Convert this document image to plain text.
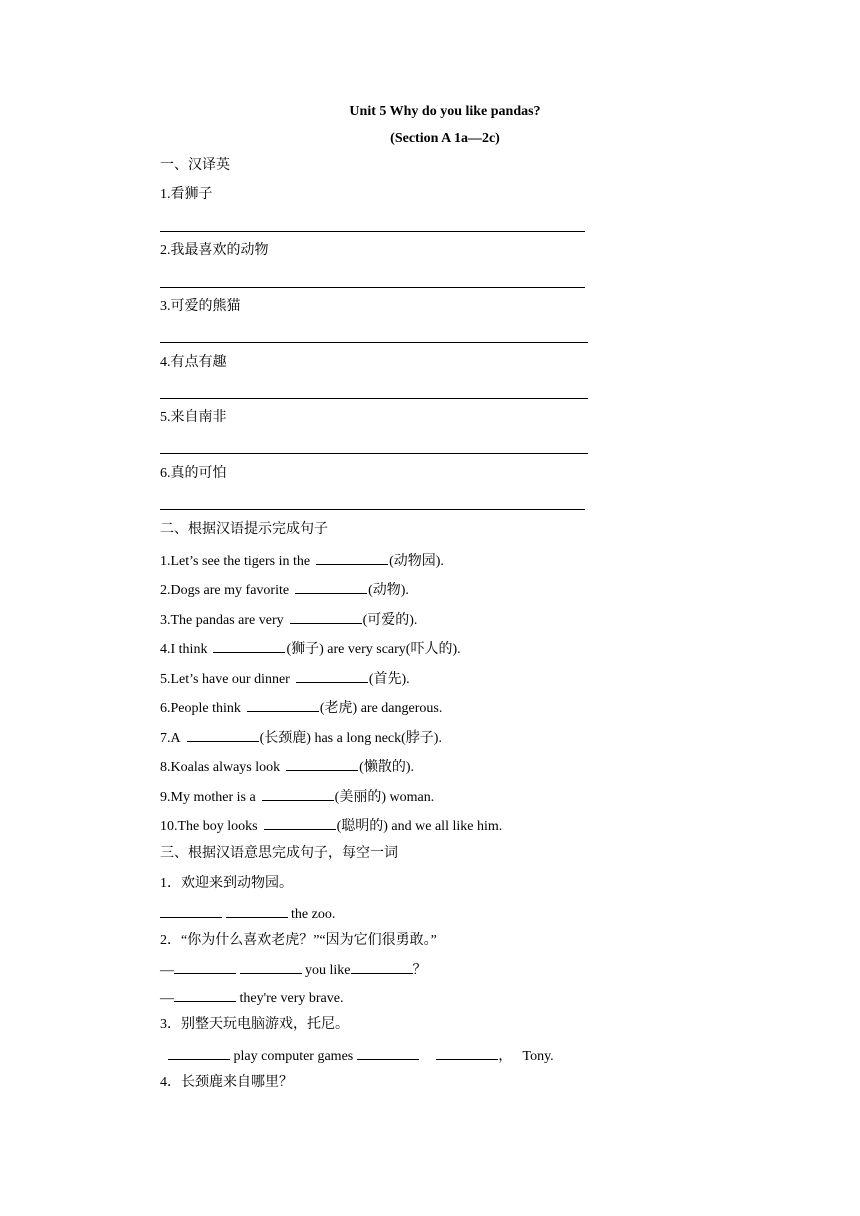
Unit 5 Why do you like pandas?
(Section A 1a—2c)
一、汉译英
1.看狮子
2.我最喜欢的动物
3.可爱的熊猫
4.有点有趣
5.来自南非
6.真的可怕
二、根据汉语提示完成句子
1.Let’s see the tigers in the	(动物园).
2.Dogs are my favorite	(动物).
3.The pandas are very	(可爱的).
4.I think	(狮子) are very scary(吓人的).
5.Let’s have our dinner	(首先).
6.People think	(老虎) are dangerous.
7.A	(长颈鹿) has a long neck(脖子).
8.Koalas always look	(懒散的).
9.My mother is a	(美丽的) woman.
10.The boy looks	(聪明的) and we all like him.
三、根据汉语意思完成句子，每空一词
1．欢迎来到动物园。
the zoo.
2．“你为什么喜欢老虎？”“因为它们很勇敢。”
—	you like	？
—	they're very brave.
3．别整天玩电脑游戏，托尼。
play computer games	， Tony.
4．长颈鹿来自哪里？
